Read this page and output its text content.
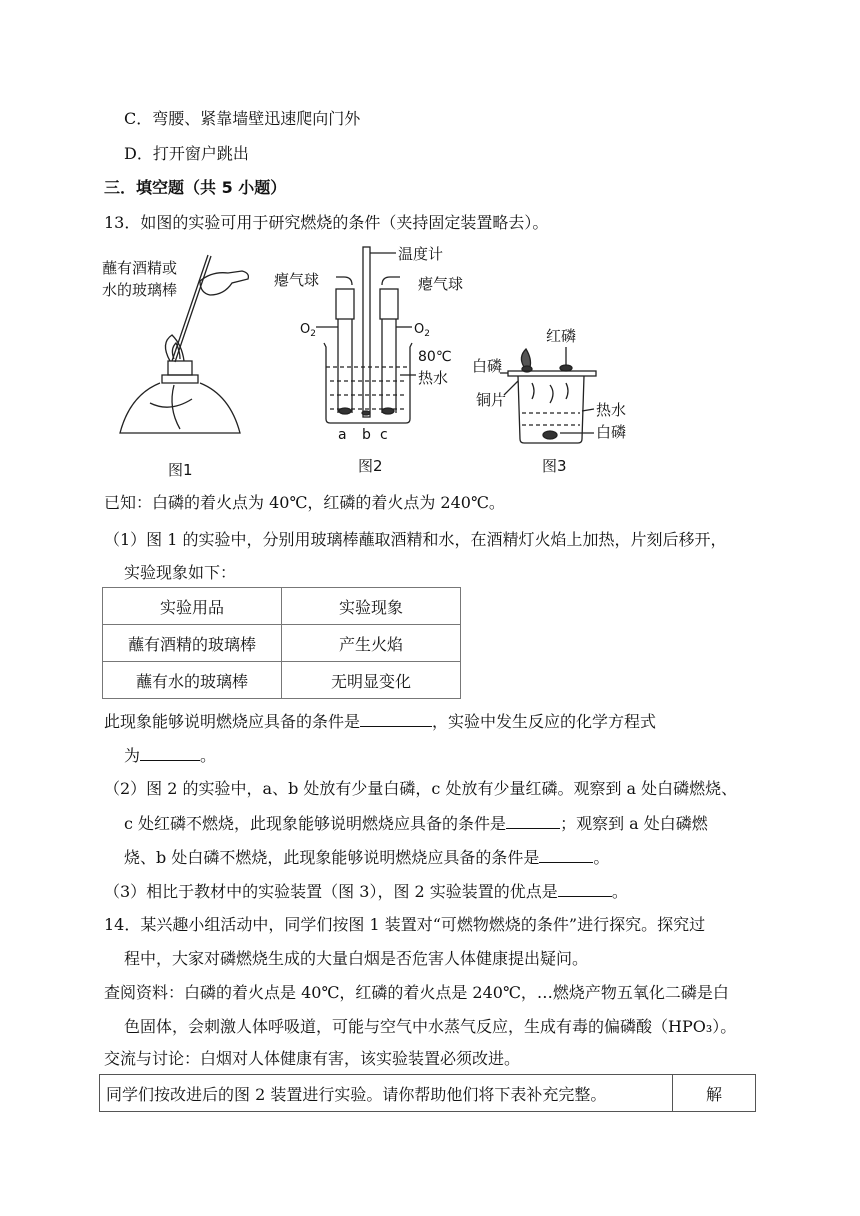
C．弯腰、紧靠墙壁迅速爬向门外
D．打开窗户跳出
三．填空题（共 5 小题）
13．如图的实验可用于研究燃烧的条件（夹持固定装置略去）。
蘸有酒精或
水的玻璃棒
图1
温度计
瘪气球	瘪气球
$O_2$	$O_2$
80℃
热水
a b c
图2
红磷
白磷
铜片
热水
白磷
图3
已知：白磷的着火点为 40℃，红磷的着火点为 240℃。
（1）图 1 的实验中，分别用玻璃棒蘸取酒精和水，在酒精灯火焰上加热，片刻后移开，
实验现象如下：
实验用品	实验现象
蘸有酒精的玻璃棒	产生火焰
蘸有水的玻璃棒	无明显变化
此现象能够说明燃烧应具备的条件是	，实验中发生反应的化学方程式
为	。
（2）图 2 的实验中，a、b 处放有少量白磷，c 处放有少量红磷。观察到 a 处白磷燃烧、
c 处红磷不燃烧，此现象能够说明燃烧应具备的条件是	；观察到 a 处白磷燃
烧、b 处白磷不燃烧，此现象能够说明燃烧应具备的条件是	。
（3）相比于教材中的实验装置（图 3），图 2 实验装置的优点是	。
14．某兴趣小组活动中，同学们按图 1 装置对“可燃物燃烧的条件”进行探究。探究过
程中，大家对磷燃烧生成的大量白烟是否危害人体健康提出疑问。
查阅资料：白磷的着火点是 40℃，红磷的着火点是 240℃，…燃烧产物五氧化二磷是白
色固体，会刺激人体呼吸道，可能与空气中水蒸气反应，生成有毒的偏磷酸（HPO₃）。
交流与讨论：白烟对人体健康有害，该实验装置必须改进。
同学们按改进后的图 2 装置进行实验。请你帮助他们将下表补充完整。	解
